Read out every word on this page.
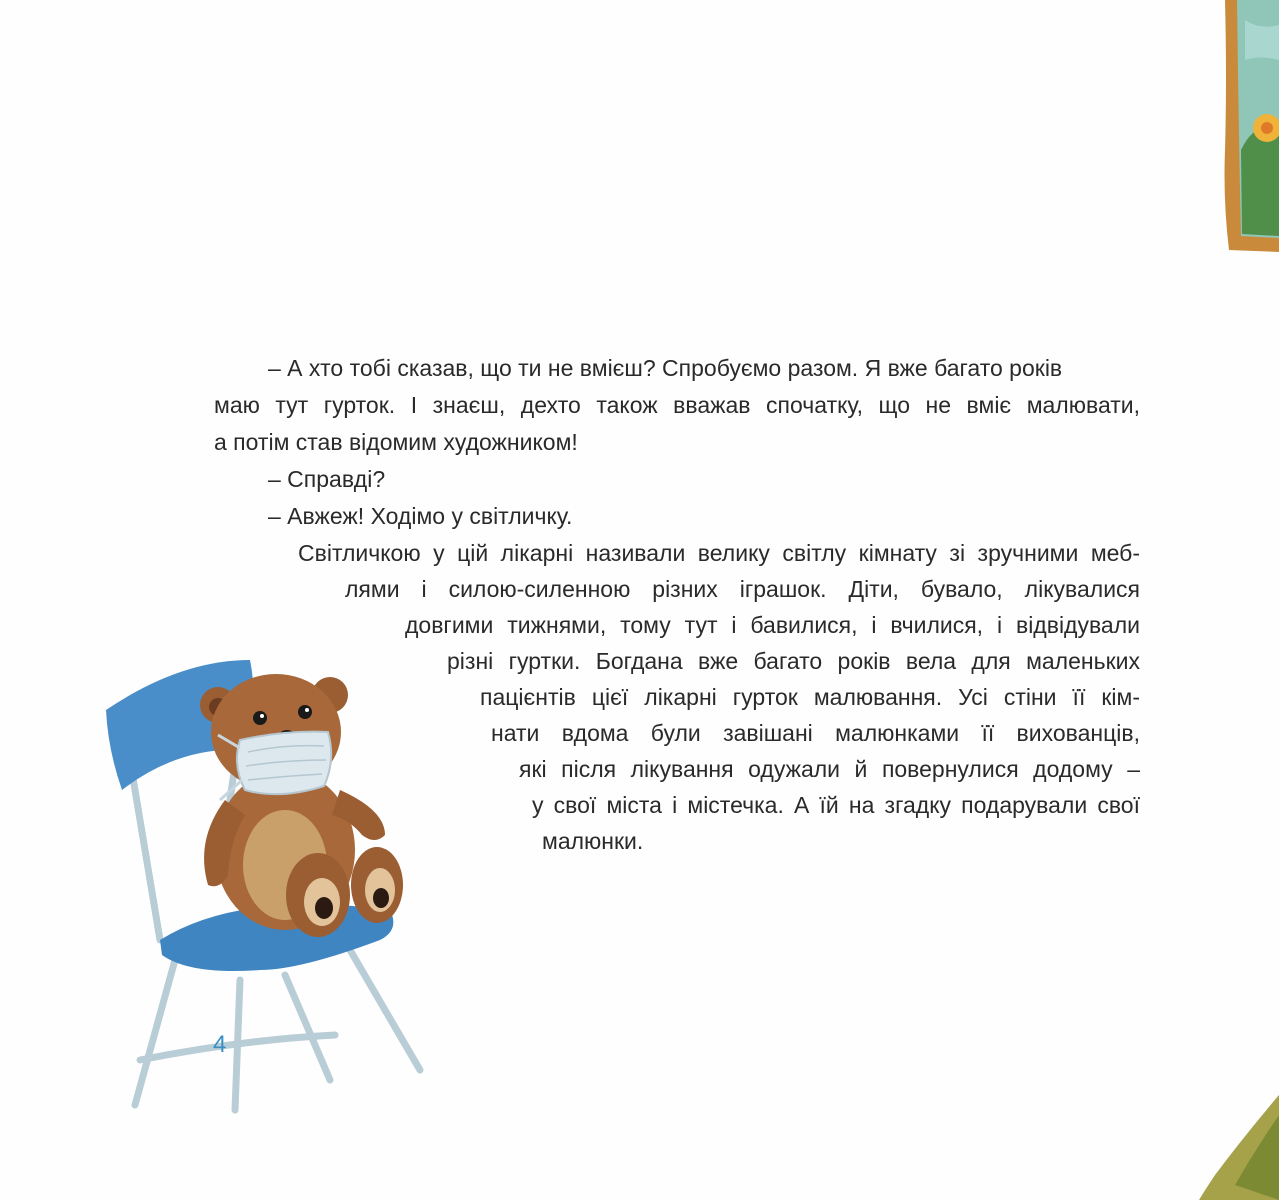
– А хто тобі сказав, що ти не вмієш? Спробуємо разом. Я вже багато років
маю тут гурток. І знаєш, дехто також вважав спочатку, що не вміє малювати,
а потім став відомим художником!
– Справді?
– Авжеж! Ходімо у світличку.
Світличкою у цій лікарні називали велику світлу кімнату зі зручними меб-
лями і силою-силенною різних іграшок. Діти, бувало, лікувалися
довгими тижнями, тому тут і бавилися, і вчилися, і відвідували
різні гуртки. Богдана вже багато років вела для маленьких
пацієнтів цієї лікарні гурток малювання. Усі стіни її кім-
нати вдома були завішані малюнками її вихованців,
які після лікування одужали й повернулися додому –
у свої міста і містечка. А їй на згадку подарували свої
малюнки.
4
